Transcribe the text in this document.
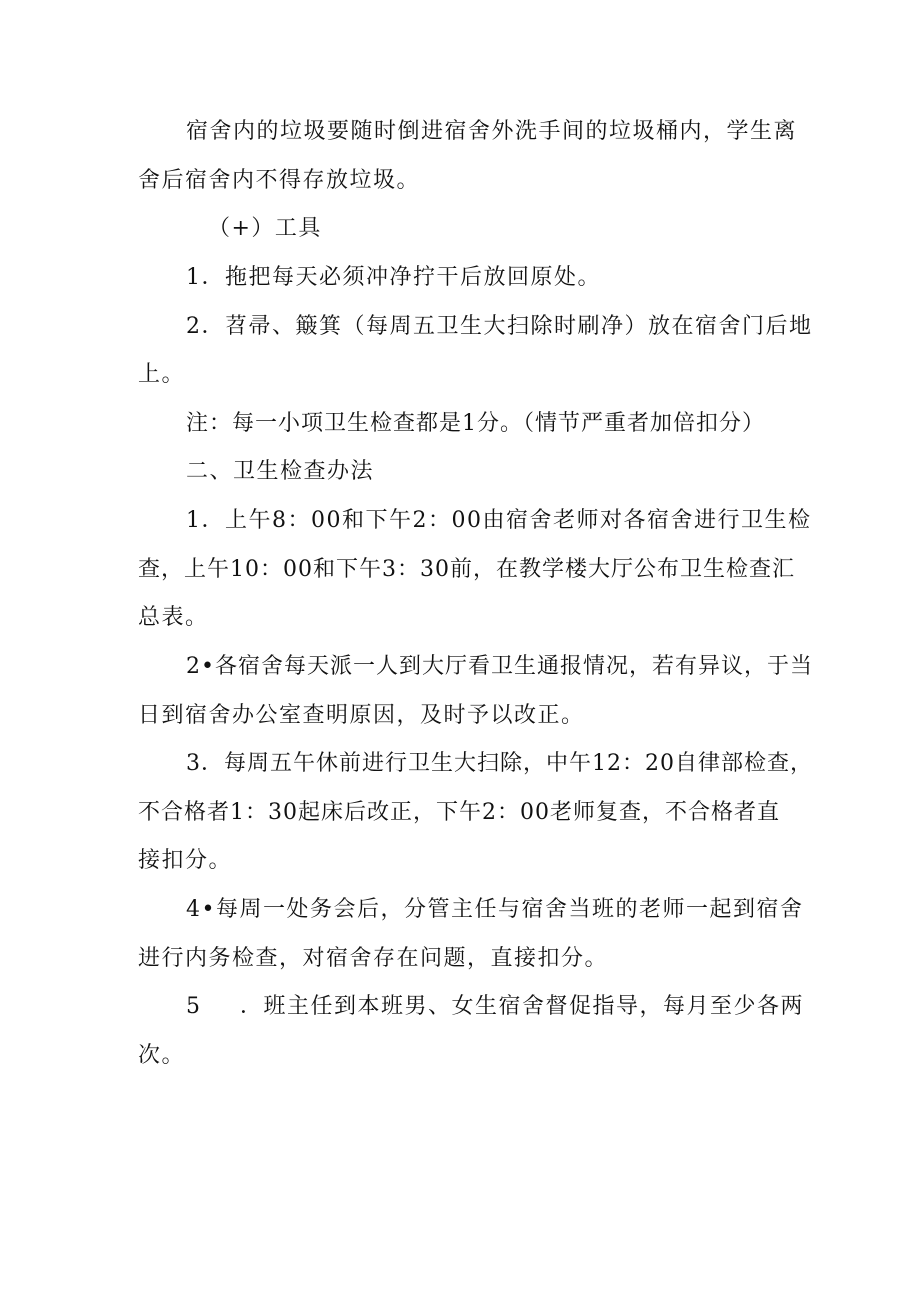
宿舍内的垃圾要随时倒进宿舍外洗手间的垃圾桶内，学生离

舍后宿舍内不得存放垃圾。

（+）工具

1．拖把每天必须冲净拧干后放回原处。

2．苕帚、簸箕（每周五卫生大扫除时刷净）放在宿舍门后地

上。

注：每一小项卫生检查都是1分。（情节严重者加倍扣分）

二、卫生检查办法

1．上午8：00和下午2：00由宿舍老师对各宿舍进行卫生检

查，上午10：00和下午3：30前，在教学楼大厅公布卫生检查汇

总表。

2•各宿舍每天派一人到大厅看卫生通报情况，若有异议，于当

日到宿舍办公室查明原因，及时予以改正。

3．每周五午休前进行卫生大扫除，中午12：20自律部检查，

不合格者1：30起床后改正，下午2：00老师复查，不合格者直

接扣分。

4•每周一处务会后，分管主任与宿舍当班的老师一起到宿舍

进行内务检查，对宿舍存在问题，直接扣分。

5 ．班主任到本班男、女生宿舍督促指导，每月至少各两

次。
